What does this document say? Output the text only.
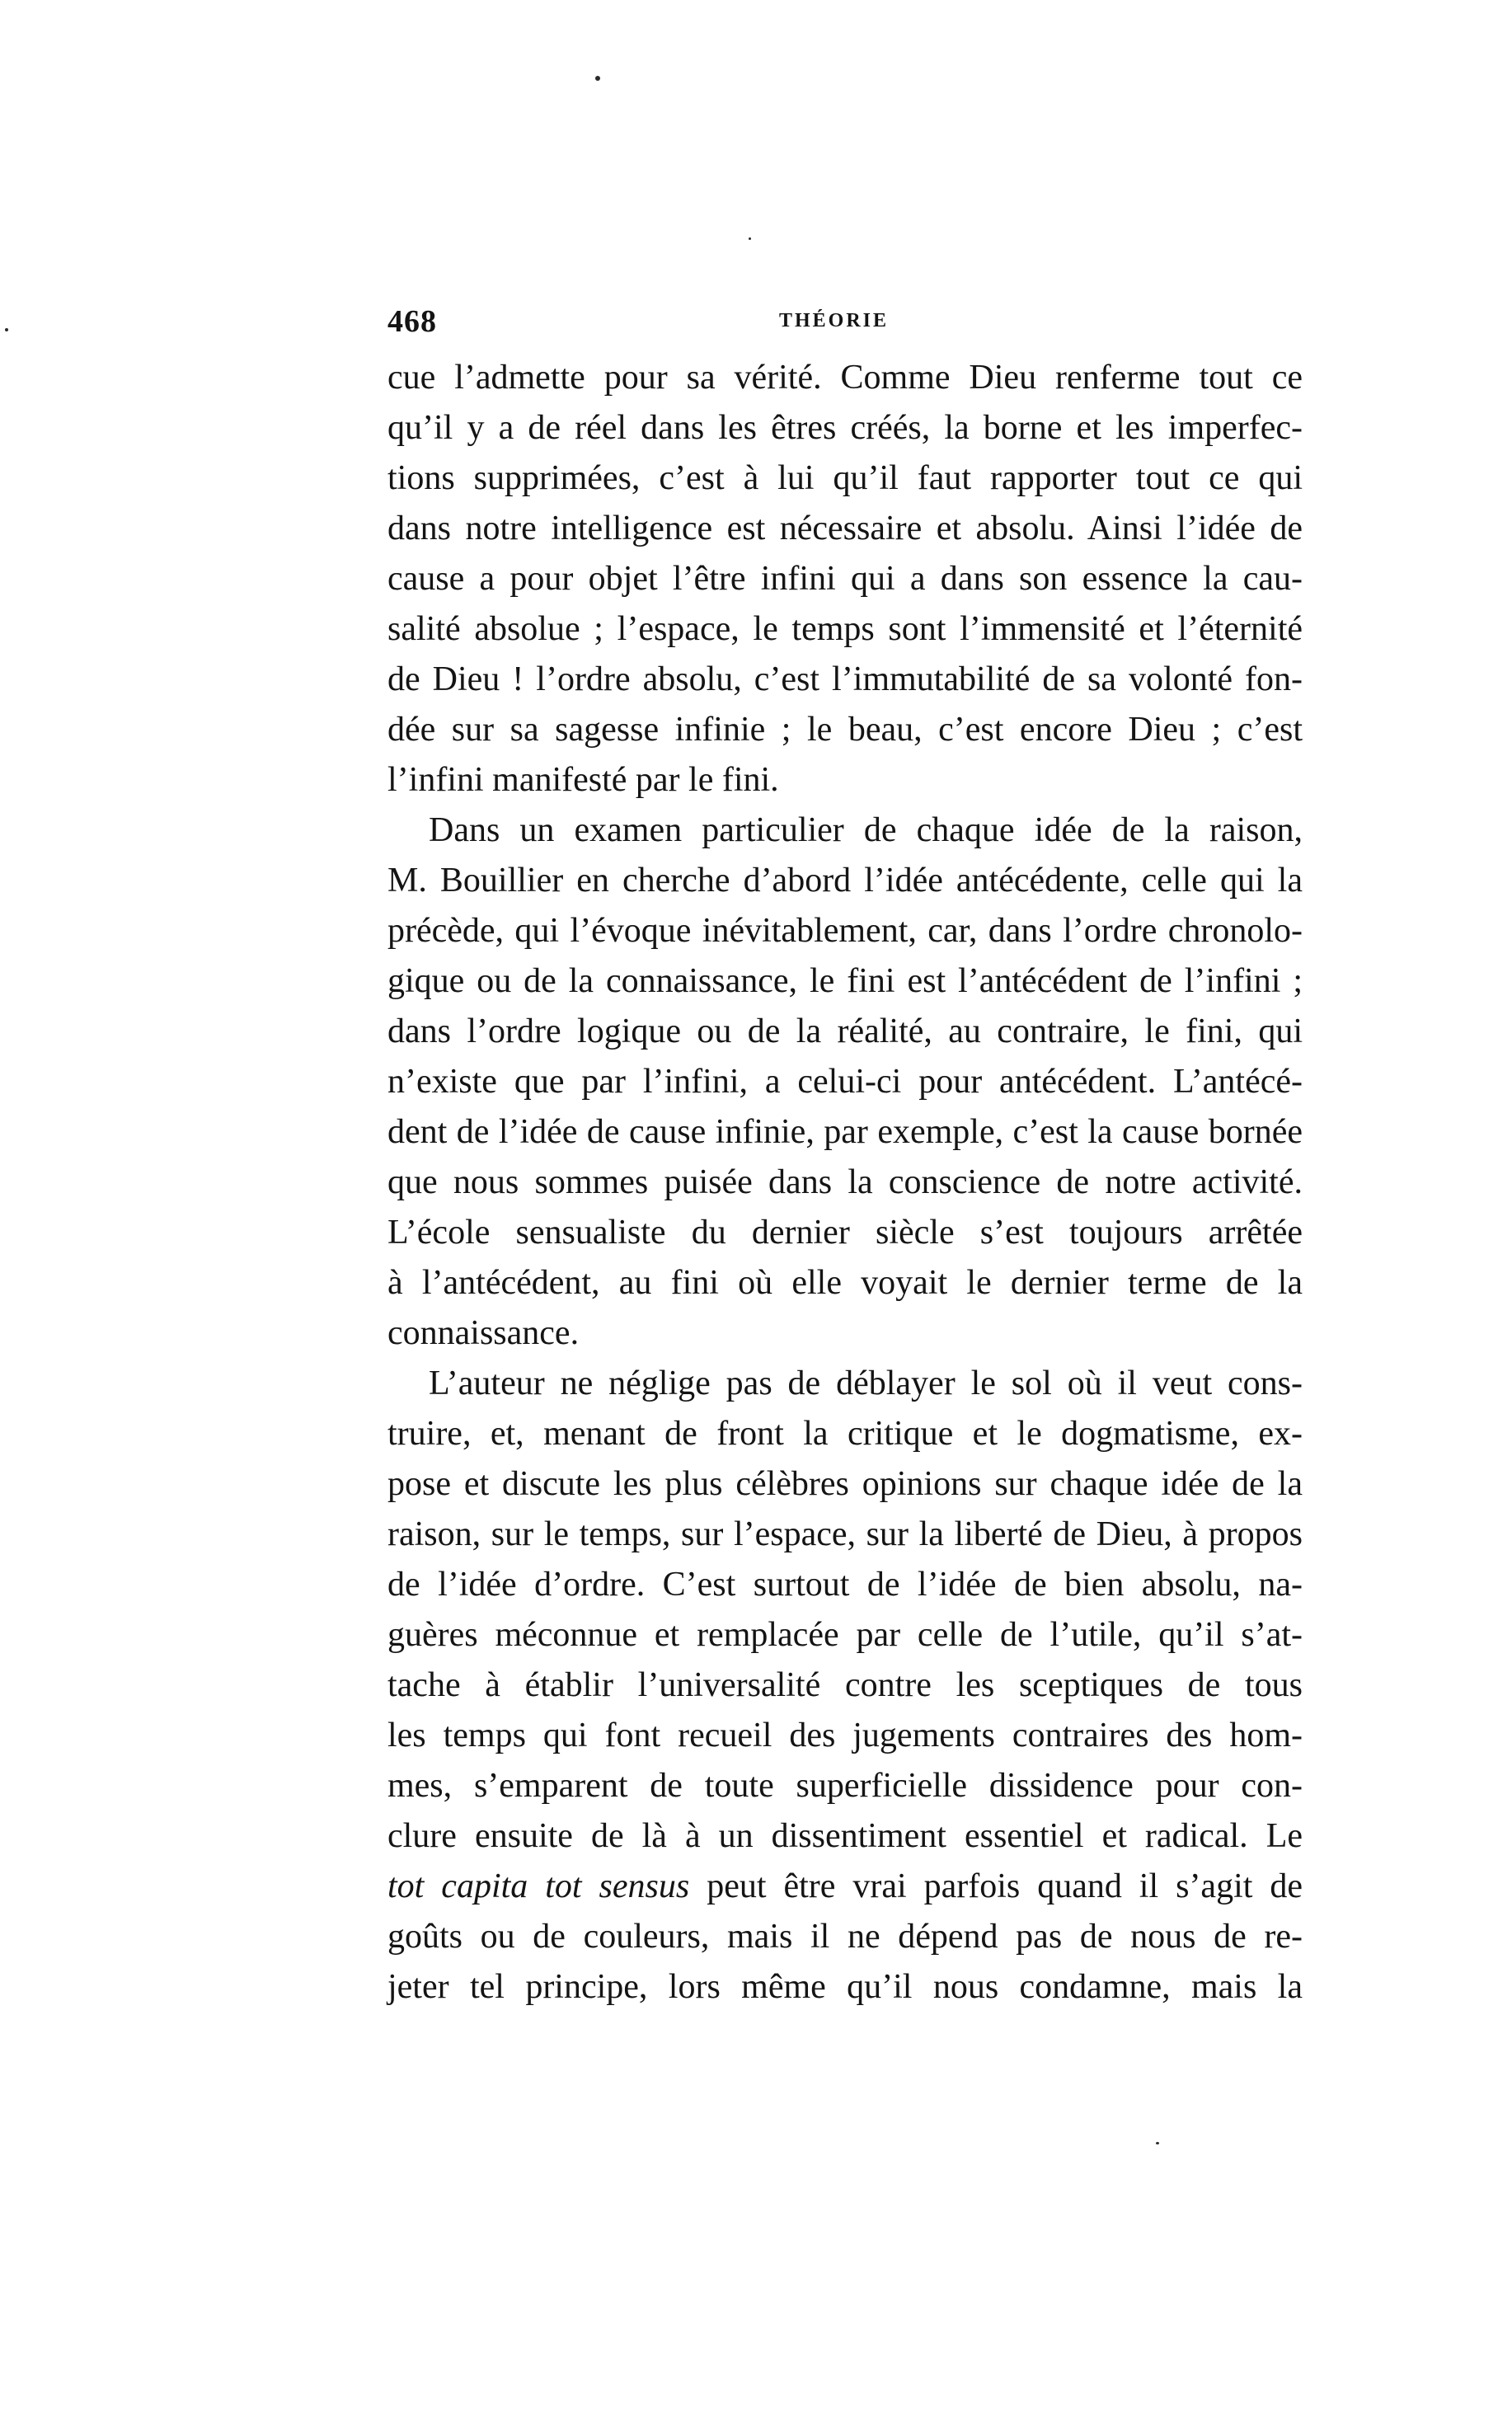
468	THÉORIE
cue l’admette pour sa vérité. Comme Dieu renferme tout ce
qu’il y a de réel dans les êtres créés, la borne et les imperfec-
tions supprimées, c’est à lui qu’il faut rapporter tout ce qui
dans notre intelligence est nécessaire et absolu. Ainsi l’idée de
cause a pour objet l’être infini qui a dans son essence la cau-
salité absolue ; l’espace, le temps sont l’immensité et l’éternité
de Dieu ! l’ordre absolu, c’est l’immutabilité de sa volonté fon-
dée sur sa sagesse infinie ; le beau, c’est encore Dieu ; c’est
l’infini manifesté par le fini.
Dans un examen particulier de chaque idée de la raison,
M. Bouillier en cherche d’abord l’idée antécédente, celle qui la
précède, qui l’évoque inévitablement, car, dans l’ordre chronolo-
gique ou de la connaissance, le fini est l’antécédent de l’infini ;
dans l’ordre logique ou de la réalité, au contraire, le fini, qui
n’existe que par l’infini, a celui-ci pour antécédent. L’antécé-
dent de l’idée de cause infinie, par exemple, c’est la cause bornée
que nous sommes puisée dans la conscience de notre activité.
L’école sensualiste du dernier siècle s’est toujours arrêtée
à l’antécédent, au fini où elle voyait le dernier terme de la
connaissance.
L’auteur ne néglige pas de déblayer le sol où il veut cons-
truire, et, menant de front la critique et le dogmatisme, ex-
pose et discute les plus célèbres opinions sur chaque idée de la
raison, sur le temps, sur l’espace, sur la liberté de Dieu, à propos
de l’idée d’ordre. C’est surtout de l’idée de bien absolu, na-
guères méconnue et remplacée par celle de l’utile, qu’il s’at-
tache à établir l’universalité contre les sceptiques de tous
les temps qui font recueil des jugements contraires des hom-
mes, s’emparent de toute superficielle dissidence pour con-
clure ensuite de là à un dissentiment essentiel et radical. Le
tot capita tot sensus peut être vrai parfois quand il s’agit de
goûts ou de couleurs, mais il ne dépend pas de nous de re-
jeter tel principe, lors même qu’il nous condamne, mais la
